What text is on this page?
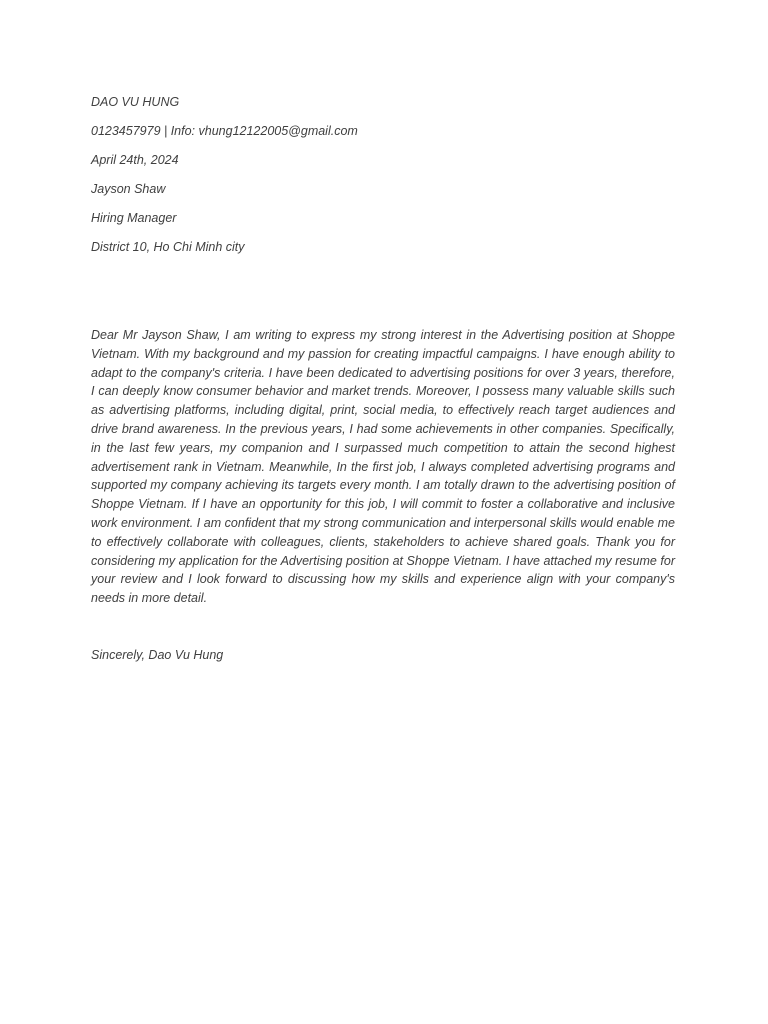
DAO VU HUNG
0123457979 | Info: vhung12122005@gmail.com
April 24th, 2024
Jayson Shaw
Hiring Manager
District 10, Ho Chi Minh city

Dear Mr Jayson Shaw, I am writing to express my strong interest in the Advertising position at Shoppe Vietnam. With my background and my passion for creating impactful campaigns. I have enough ability to adapt to the company's criteria. I have been dedicated to advertising positions for over 3 years, therefore, I can deeply know consumer behavior and market trends. Moreover, I possess many valuable skills such as advertising platforms, including digital, print, social media, to effectively reach target audiences and drive brand awareness. In the previous years, I had some achievements in other companies. Specifically, in the last few years, my companion and I surpassed much competition to attain the second highest advertisement rank in Vietnam. Meanwhile, In the first job, I always completed advertising programs and supported my company achieving its targets every month. I am totally drawn to the advertising position of Shoppe Vietnam. If I have an opportunity for this job, I will commit to foster a collaborative and inclusive work environment. I am confident that my strong communication and interpersonal skills would enable me to effectively collaborate with colleagues, clients, stakeholders to achieve shared goals. Thank you for considering my application for the Advertising position at Shoppe Vietnam. I have attached my resume for your review and I look forward to discussing how my skills and experience align with your company's needs in more detail.

Sincerely, Dao Vu Hung
